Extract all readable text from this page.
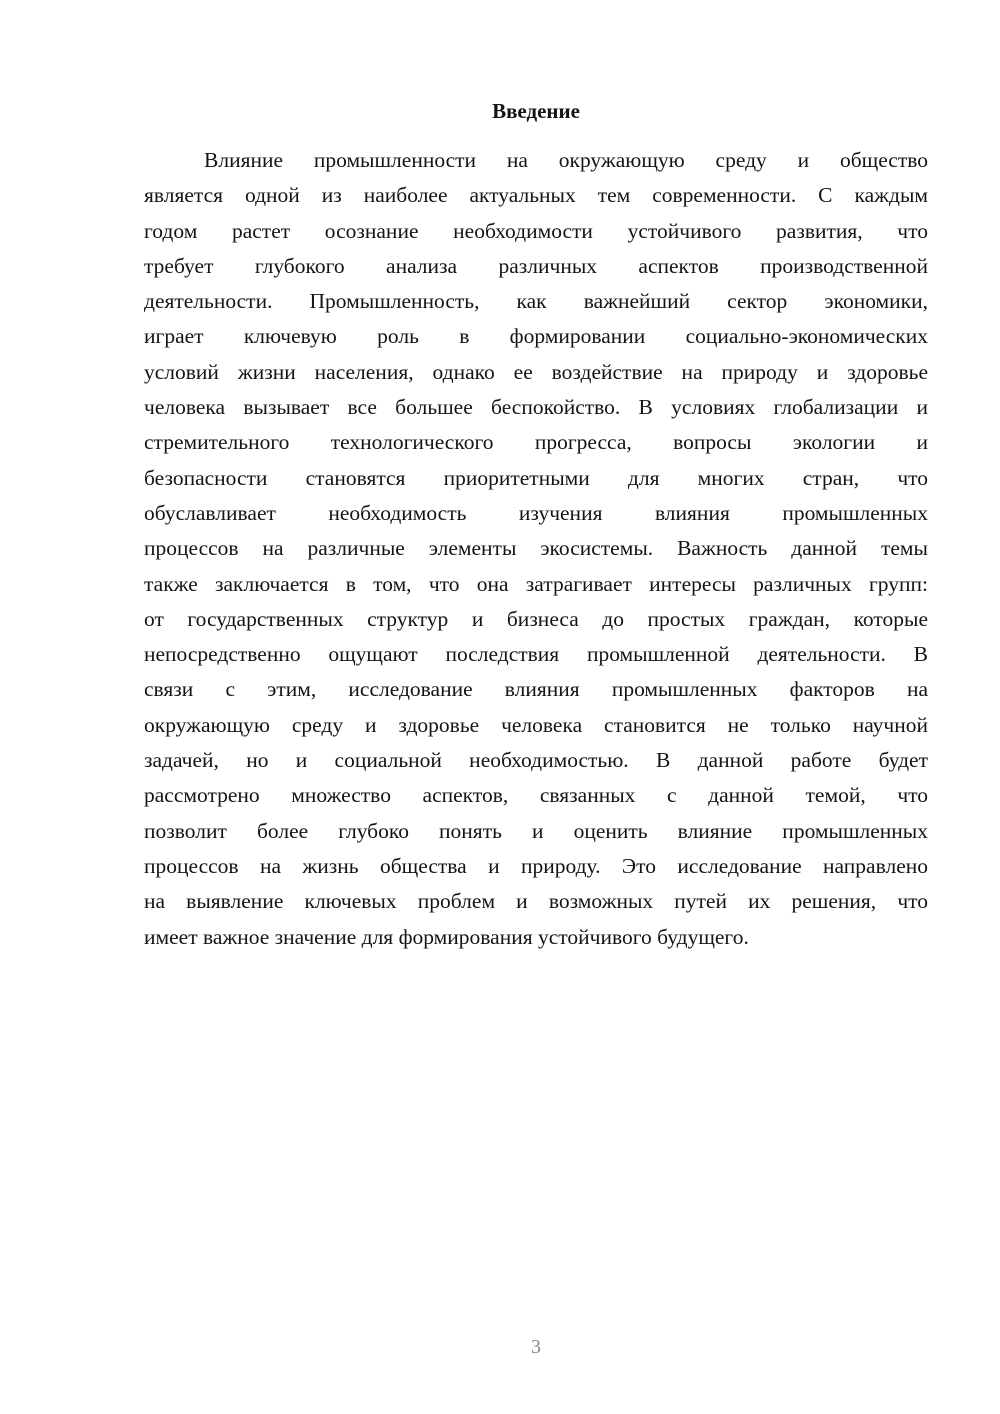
Введение
Влияние промышленности на окружающую среду и общество
является одной из наиболее актуальных тем современности. С каждым
годом растет осознание необходимости устойчивого развития, что
требует глубокого анализа различных аспектов производственной
деятельности. Промышленность, как важнейший сектор экономики,
играет ключевую роль в формировании социально-экономических
условий жизни населения, однако ее воздействие на природу и здоровье
человека вызывает все большее беспокойство. В условиях глобализации и
стремительного технологического прогресса, вопросы экологии и
безопасности становятся приоритетными для многих стран, что
обуславливает необходимость изучения влияния промышленных
процессов на различные элементы экосистемы. Важность данной темы
также заключается в том, что она затрагивает интересы различных групп:
от государственных структур и бизнеса до простых граждан, которые
непосредственно ощущают последствия промышленной деятельности. В
связи с этим, исследование влияния промышленных факторов на
окружающую среду и здоровье человека становится не только научной
задачей, но и социальной необходимостью. В данной работе будет
рассмотрено множество аспектов, связанных с данной темой, что
позволит более глубоко понять и оценить влияние промышленных
процессов на жизнь общества и природу. Это исследование направлено
на выявление ключевых проблем и возможных путей их решения, что
имеет важное значение для формирования устойчивого будущего.
3
